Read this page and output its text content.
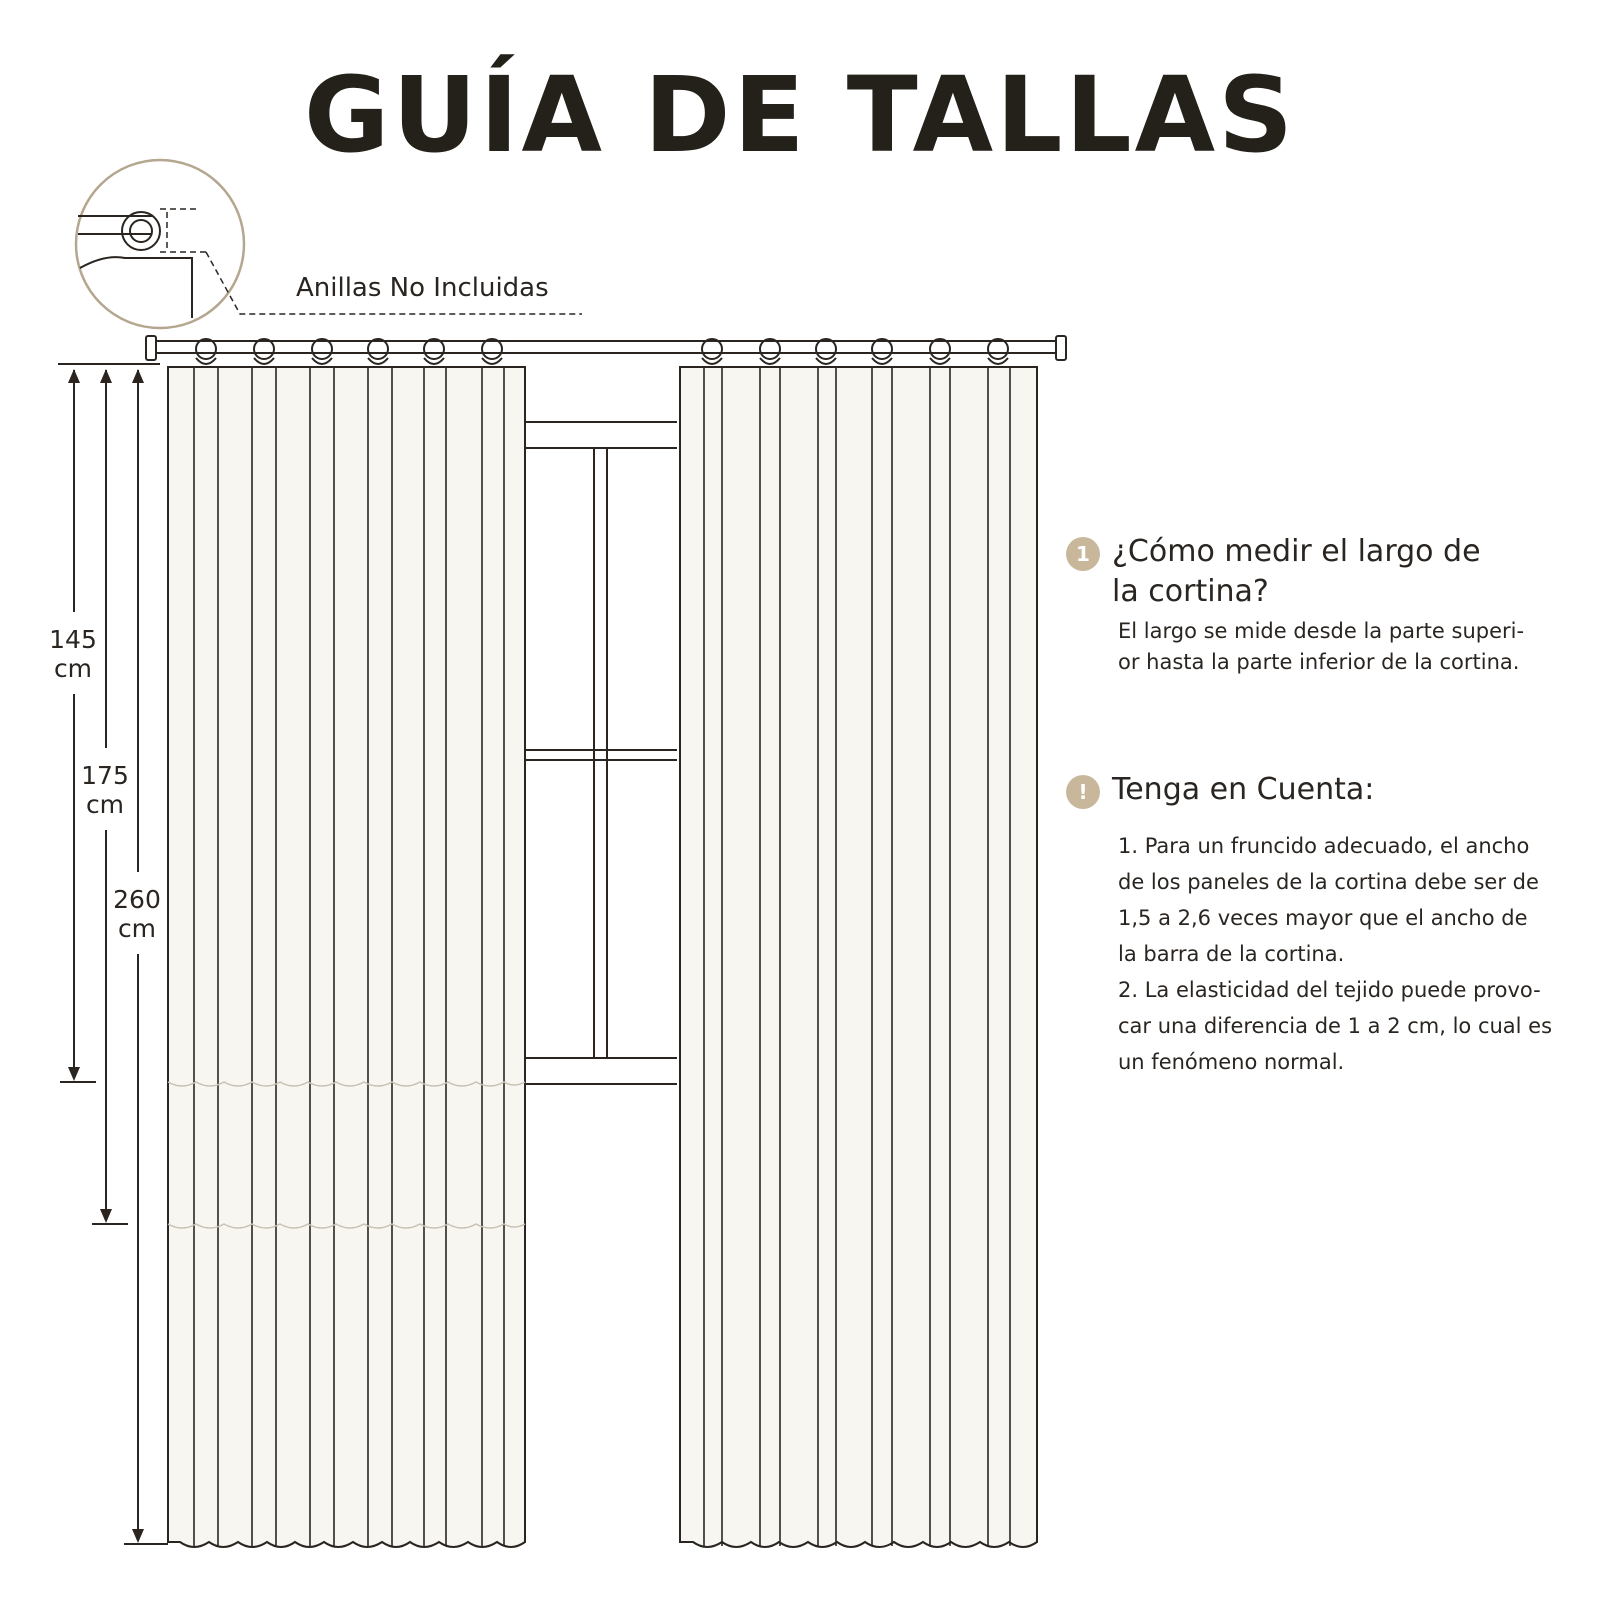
GUÍA DE TALLAS
Anillas No Incluidas
145
cm
175
cm
260
cm
1 ¿Cómo medir el largo de
la cortina?
El largo se mide desde la parte superi-
or hasta la parte inferior de la cortina.
! Tenga en Cuenta:
1. Para un fruncido adecuado, el ancho
de los paneles de la cortina debe ser de
1,5 a 2,6 veces mayor que el ancho de
la barra de la cortina.
2. La elasticidad del tejido puede provo-
car una diferencia de 1 a 2 cm, lo cual es
un fenómeno normal.
